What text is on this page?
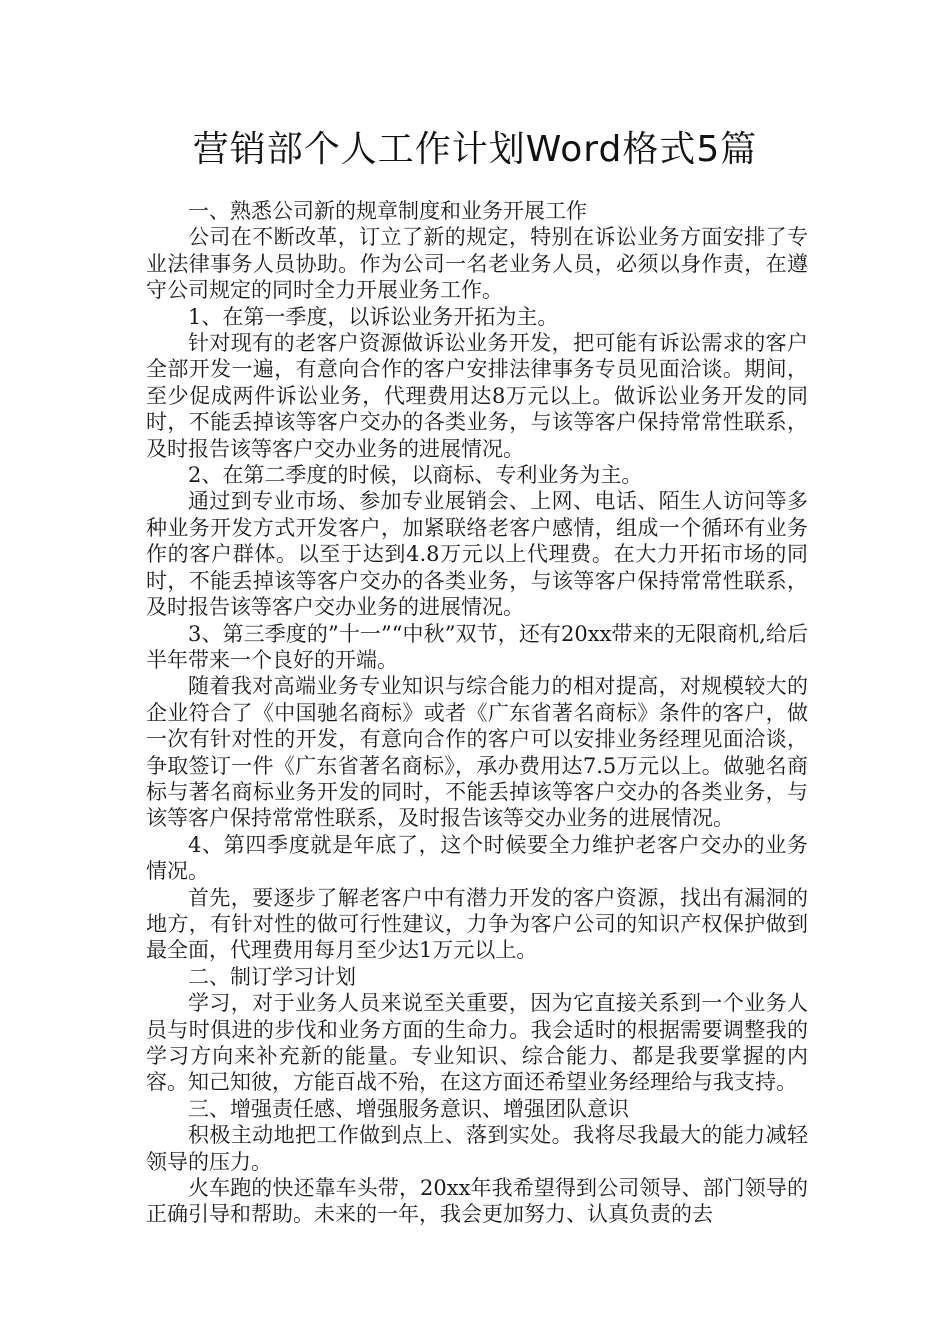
营销部个人工作计划Word格式5篇

一、熟悉公司新的规章制度和业务开展工作

公司在不断改革，订立了新的规定，特别在诉讼业务方面安排了专业法律事务人员协助。作为公司一名老业务人员，必须以身作责，在遵守公司规定的同时全力开展业务工作。

1、在第一季度，以诉讼业务开拓为主。

针对现有的老客户资源做诉讼业务开发，把可能有诉讼需求的客户全部开发一遍，有意向合作的客户安排法律事务专员见面洽谈。期间，至少促成两件诉讼业务，代理费用达8万元以上。做诉讼业务开发的同时，不能丢掉该等客户交办的各类业务，与该等客户保持常常性联系，及时报告该等客户交办业务的进展情况。

2、在第二季度的时候，以商标、专利业务为主。

通过到专业市场、参加专业展销会、上网、电话、陌生人访问等多种业务开发方式开发客户，加紧联络老客户感情，组成一个循环有业务作的客户群体。以至于达到4.8万元以上代理费。在大力开拓市场的同时，不能丢掉该等客户交办的各类业务，与该等客户保持常常性联系，及时报告该等客户交办业务的进展情况。

3、第三季度的”十一”“中秋”双节，还有20xx带来的无限商机,给后半年带来一个良好的开端。

随着我对高端业务专业知识与综合能力的相对提高，对规模较大的企业符合了《中国驰名商标》或者《广东省著名商标》条件的客户，做一次有针对性的开发，有意向合作的客户可以安排业务经理见面洽谈，争取签订一件《广东省著名商标》，承办费用达7.5万元以上。做驰名商标与著名商标业务开发的同时，不能丢掉该等客户交办的各类业务，与该等客户保持常常性联系，及时报告该等交办业务的进展情况。

4、第四季度就是年底了，这个时候要全力维护老客户交办的业务情况。

首先，要逐步了解老客户中有潜力开发的客户资源，找出有漏洞的地方，有针对性的做可行性建议，力争为客户公司的知识产权保护做到最全面，代理费用每月至少达1万元以上。

二、制订学习计划

学习，对于业务人员来说至关重要，因为它直接关系到一个业务人员与时俱进的步伐和业务方面的生命力。我会适时的根据需要调整我的学习方向来补充新的能量。专业知识、综合能力、都是我要掌握的内容。知己知彼，方能百战不殆，在这方面还希望业务经理给与我支持。

三、增强责任感、增强服务意识、增强团队意识

积极主动地把工作做到点上、落到实处。我将尽我最大的能力减轻领导的压力。

火车跑的快还靠车头带，20xx年我希望得到公司领导、部门领导的正确引导和帮助。未来的一年，我会更加努力、认真负责的去
